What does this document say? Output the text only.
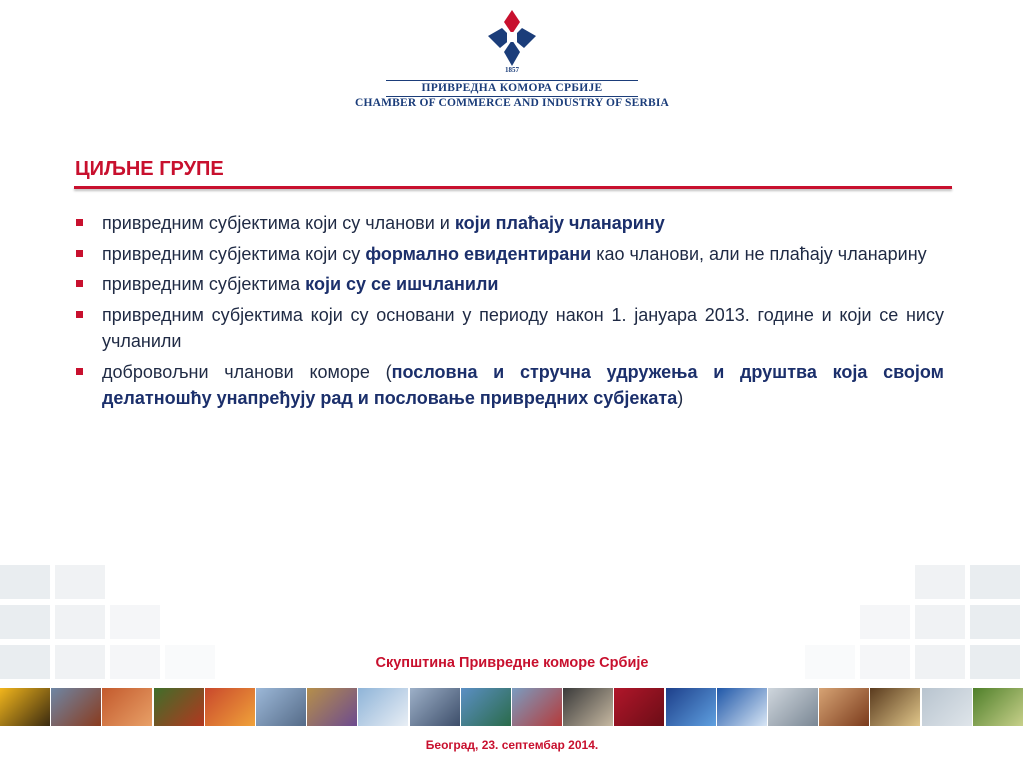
1857
ПРИВРЕДНА КОМОРА СРБИЈЕ
CHAMBER OF COMMERCE AND INDUSTRY OF SERBIA
ЦИЉНЕ ГРУПЕ
привредним субјектима који су чланови и који плаћају чланарину
привредним субјектима који су формално евидентирани као чланови, али не плаћају чланарину
привредним субјектима који су се ишчланили
привредним субјектима који су основани у периоду након 1. јануара 2013. године и који се нису учланили
добровољни чланови коморе (пословна и стручна удружења и друштва која својом делатношћу унапређују рад и пословање привредних субјеката)
Скупштина Привредне коморе Србије
Београд, 23. септембар 2014.
